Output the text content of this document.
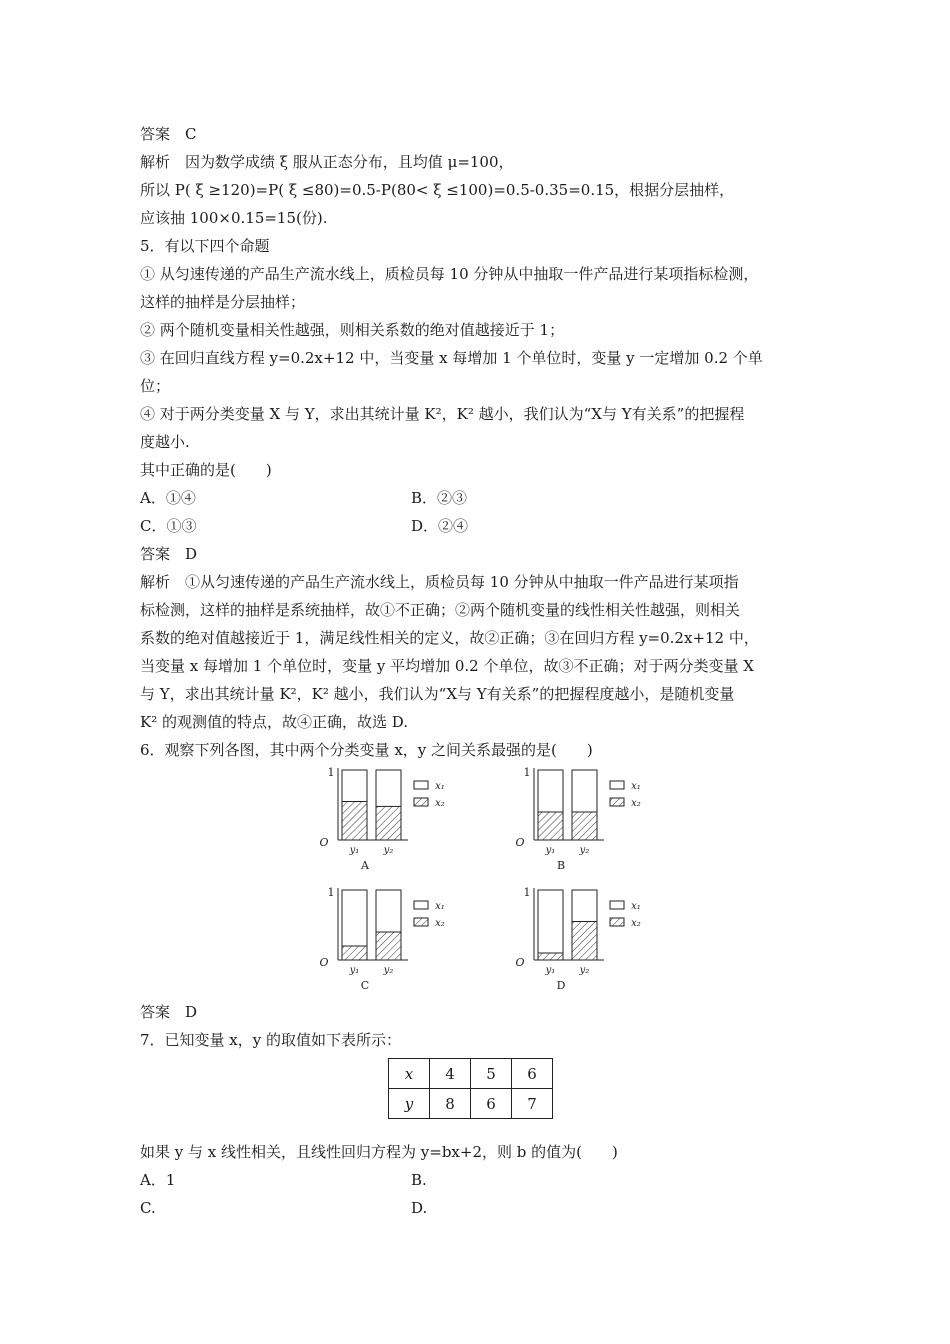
答案　C
解析　因为数学成绩 ξ 服从正态分布，且均值 μ=100，
所以 P( ξ ≥120)=P( ξ ≤80)=0.5-P(80< ξ ≤100)=0.5-0.35=0.15，根据分层抽样，
应该抽 100×0.15=15(份).
5．有以下四个命题
① 从匀速传递的产品生产流水线上，质检员每 10 分钟从中抽取一件产品进行某项指标检测，
这样的抽样是分层抽样；
② 两个随机变量相关性越强，则相关系数的绝对值越接近于 1；
③ 在回归直线方程 y=0.2x+12 中，当变量 x 每增加 1 个单位时，变量 y 一定增加 0.2 个单
位；
④ 对于两分类变量 X 与 Y，求出其统计量 K²，K² 越小，我们认为“X与 Y有关系”的把握程
度越小.
其中正确的是(　　)
A．①④	B．②③
C．①③	D．②④
答案　D
解析　①从匀速传递的产品生产流水线上，质检员每 10 分钟从中抽取一件产品进行某项指
标检测，这样的抽样是系统抽样，故①不正确；②两个随机变量的线性相关性越强，则相关
系数的绝对值越接近于 1，满足线性相关的定义，故②正确；③在回归方程 y=0.2x+12 中，
当变量 x 每增加 1 个单位时，变量 y 平均增加 0.2 个单位，故③不正确；对于两分类变量 X
与 Y，求出其统计量 K²，K² 越小，我们认为“X与 Y有关系”的把握程度越小，是随机变量
K² 的观测值的特点，故④正确，故选 D.
6．观察下列各图，其中两个分类变量 x，y 之间关系最强的是(　　)
1
O
y₁ y₂
x₁
x₂
A
1
O
y₁ y₂
x₁
x₂
B
1
O
y₁ y₂
x₁
x₂
C
1
O
y₁ y₂
x₁
x₂
D
答案　D
7．已知变量 x，y 的取值如下表所示：
x	4	5	6
y	8	6	7
如果 y 与 x 线性相关，且线性回归方程为 y=bx+2，则 b 的值为(　　)
A．1	B.
C.	D.
